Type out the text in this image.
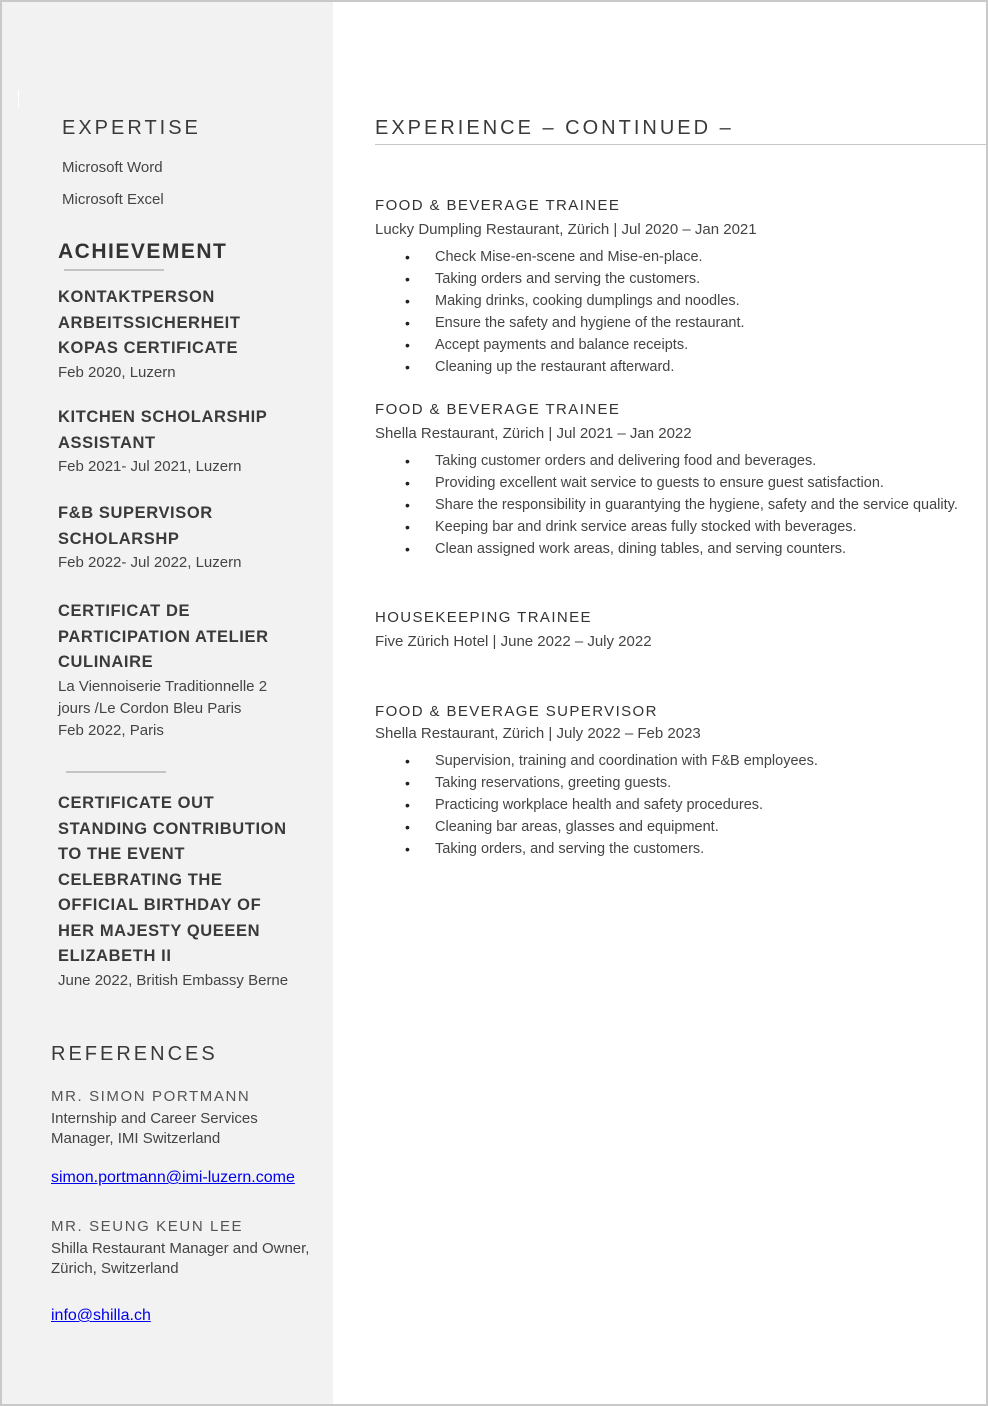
EXPERTISE
Microsoft Word
Microsoft Excel
ACHIEVEMENT
KONTAKTPERSON
ARBEITSSICHERHEIT
KOPAS CERTIFICATE
Feb 2020, Luzern
KITCHEN SCHOLARSHIP
ASSISTANT
Feb 2021- Jul 2021, Luzern
F&B SUPERVISOR
SCHOLARSHP
Feb 2022- Jul 2022, Luzern
CERTIFICAT DE
PARTICIPATION ATELIER
CULINAIRE
La Viennoiserie Traditionnelle 2
jours /Le Cordon Bleu Paris
Feb 2022, Paris
CERTIFICATE OUT
STANDING CONTRIBUTION
TO THE EVENT
CELEBRATING THE
OFFICIAL BIRTHDAY OF
HER MAJESTY QUEEEN
ELIZABETH II
June 2022, British Embassy Berne
REFERENCES
MR. SIMON PORTMANN
Internship and Career Services
Manager, IMI Switzerland
simon.portmann@imi-luzern.come
MR. SEUNG KEUN LEE
Shilla Restaurant Manager and Owner,
Zürich, Switzerland
info@shilla.ch
EXPERIENCE – CONTINUED –
FOOD & BEVERAGE TRAINEE
Lucky Dumpling Restaurant, Zürich | Jul 2020 – Jan 2021
• Check Mise-en-scene and Mise-en-place.
• Taking orders and serving the customers.
• Making drinks, cooking dumplings and noodles.
• Ensure the safety and hygiene of the restaurant.
• Accept payments and balance receipts.
• Cleaning up the restaurant afterward.
FOOD & BEVERAGE TRAINEE
Shella Restaurant, Zürich | Jul 2021 – Jan 2022
• Taking customer orders and delivering food and beverages.
• Providing excellent wait service to guests to ensure guest satisfaction.
• Share the responsibility in guarantying the hygiene, safety and the service quality.
• Keeping bar and drink service areas fully stocked with beverages.
• Clean assigned work areas, dining tables, and serving counters.
HOUSEKEEPING TRAINEE
Five Zürich Hotel | June 2022 – July 2022
FOOD & BEVERAGE SUPERVISOR
Shella Restaurant, Zürich | July 2022 – Feb 2023
• Supervision, training and coordination with F&B employees.
• Taking reservations, greeting guests.
• Practicing workplace health and safety procedures.
• Cleaning bar areas, glasses and equipment.
• Taking orders, and serving the customers.
